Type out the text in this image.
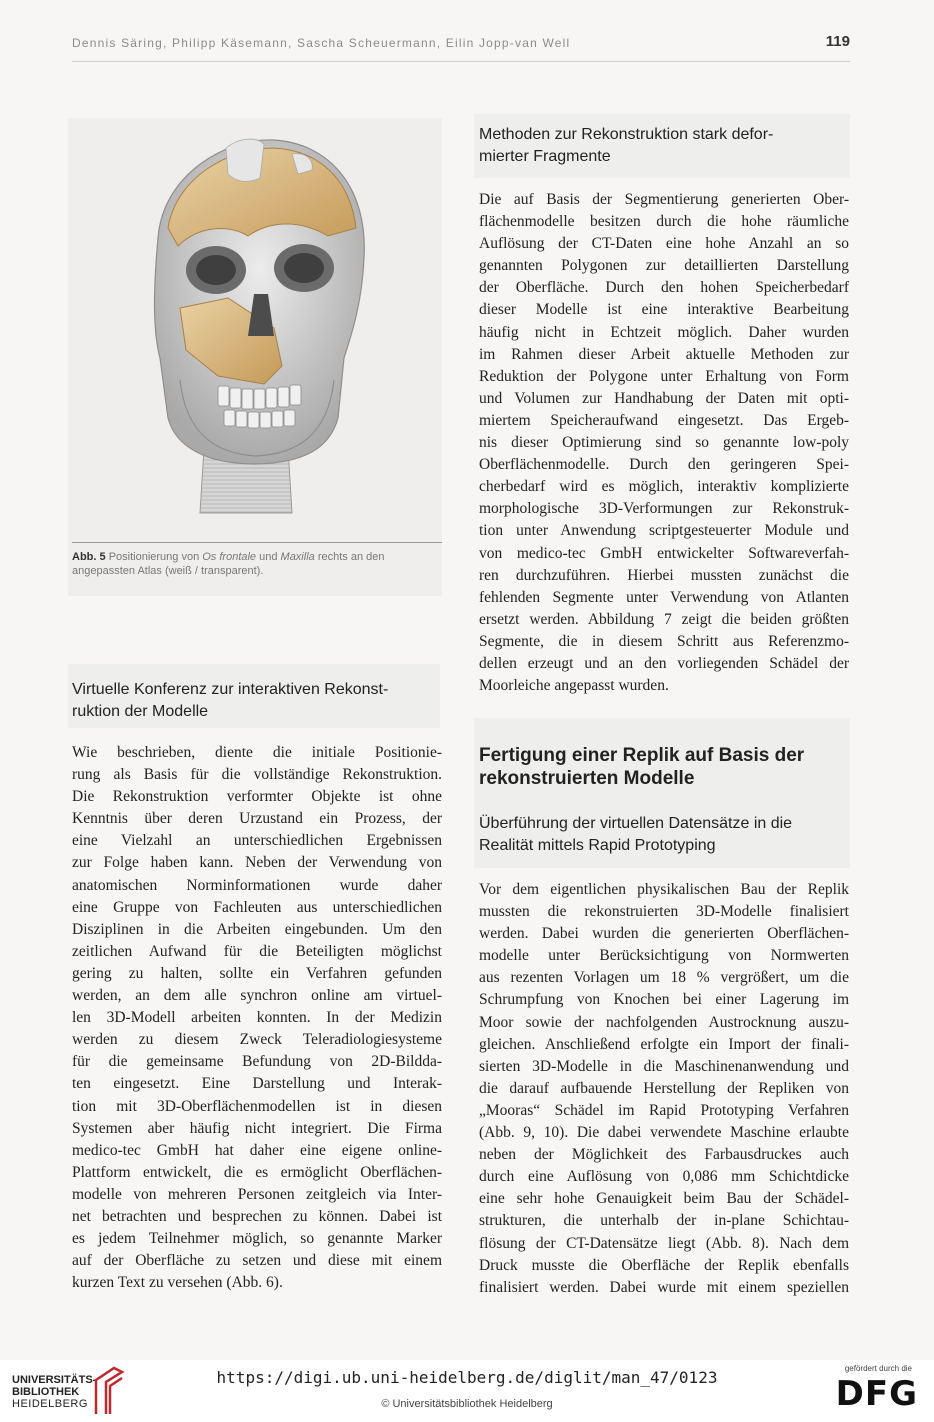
Dennis Säring, Philipp Käsemann, Sascha Scheuermann, Eilin Jopp-van Well	119
Abb. 5 Positionierung von Os frontale und Maxilla rechts an den
angepassten Atlas (weiß / transparent).
Virtuelle Konferenz zur interaktiven Rekonst-
ruktion der Modelle
Wie beschrieben, diente die initiale Positionie-
rung als Basis für die vollständige Rekonstruktion.
Die Rekonstruktion verformter Objekte ist ohne
Kenntnis über deren Urzustand ein Prozess, der
eine Vielzahl an unterschiedlichen Ergebnissen
zur Folge haben kann. Neben der Verwendung von
anatomischen Norminformationen wurde daher
eine Gruppe von Fachleuten aus unterschiedlichen
Disziplinen in die Arbeiten eingebunden. Um den
zeitlichen Aufwand für die Beteiligten möglichst
gering zu halten, sollte ein Verfahren gefunden
werden, an dem alle synchron online am virtuel-
len 3D-Modell arbeiten konnten. In der Medizin
werden zu diesem Zweck Teleradiologiesysteme
für die gemeinsame Befundung von 2D-Bildda-
ten eingesetzt. Eine Darstellung und Interak-
tion mit 3D-Oberflächenmodellen ist in diesen
Systemen aber häufig nicht integriert. Die Firma
medico-tec GmbH hat daher eine eigene online-
Plattform entwickelt, die es ermöglicht Oberflächen-
modelle von mehreren Personen zeitgleich via Inter-
net betrachten und besprechen zu können. Dabei ist
es jedem Teilnehmer möglich, so genannte Marker
auf der Oberfläche zu setzen und diese mit einem
kurzen Text zu versehen (Abb. 6).
Methoden zur Rekonstruktion stark defor-
mierter Fragmente
Die auf Basis der Segmentierung generierten Ober-
flächenmodelle besitzen durch die hohe räumliche
Auflösung der CT-Daten eine hohe Anzahl an so
genannten Polygonen zur detaillierten Darstellung
der Oberfläche. Durch den hohen Speicherbedarf
dieser Modelle ist eine interaktive Bearbeitung
häufig nicht in Echtzeit möglich. Daher wurden
im Rahmen dieser Arbeit aktuelle Methoden zur
Reduktion der Polygone unter Erhaltung von Form
und Volumen zur Handhabung der Daten mit opti-
miertem Speicheraufwand eingesetzt. Das Ergeb-
nis dieser Optimierung sind so genannte low-poly
Oberflächenmodelle. Durch den geringeren Spei-
cherbedarf wird es möglich, interaktiv komplizierte
morphologische 3D-Verformungen zur Rekonstruk-
tion unter Anwendung scriptgesteuerter Module und
von medico-tec GmbH entwickelter Softwareverfah-
ren durchzuführen. Hierbei mussten zunächst die
fehlenden Segmente unter Verwendung von Atlanten
ersetzt werden. Abbildung 7 zeigt die beiden größten
Segmente, die in diesem Schritt aus Referenzmo-
dellen erzeugt und an den vorliegenden Schädel der
Moorleiche angepasst wurden.
Fertigung einer Replik auf Basis der
rekonstruierten Modelle
Überführung der virtuellen Datensätze in die
Realität mittels Rapid Prototyping
Vor dem eigentlichen physikalischen Bau der Replik
mussten die rekonstruierten 3D-Modelle finalisiert
werden. Dabei wurden die generierten Oberflächen-
modelle unter Berücksichtigung von Normwerten
aus rezenten Vorlagen um 18 % vergrößert, um die
Schrumpfung von Knochen bei einer Lagerung im
Moor sowie der nachfolgenden Austrocknung auszu-
gleichen. Anschließend erfolgte ein Import der finali-
sierten 3D-Modelle in die Maschinenanwendung und
die darauf aufbauende Herstellung der Repliken von
„Mooras“ Schädel im Rapid Prototyping Verfahren
(Abb. 9, 10). Die dabei verwendete Maschine erlaubte
neben der Möglichkeit des Farbausdruckes auch
durch eine Auflösung von 0,086 mm Schichtdicke
eine sehr hohe Genauigkeit beim Bau der Schädel-
strukturen, die unterhalb der in-plane Schichtau-
flösung der CT-Datensätze liegt (Abb. 8). Nach dem
Druck musste die Oberfläche der Replik ebenfalls
finalisiert werden. Dabei wurde mit einem speziellen
UNIVERSITÄTS-
BIBLIOTHEK
HEIDELBERG
https://digi.ub.uni-heidelberg.de/diglit/man_47/0123
© Universitätsbibliothek Heidelberg
gefördert durch die
DFG
